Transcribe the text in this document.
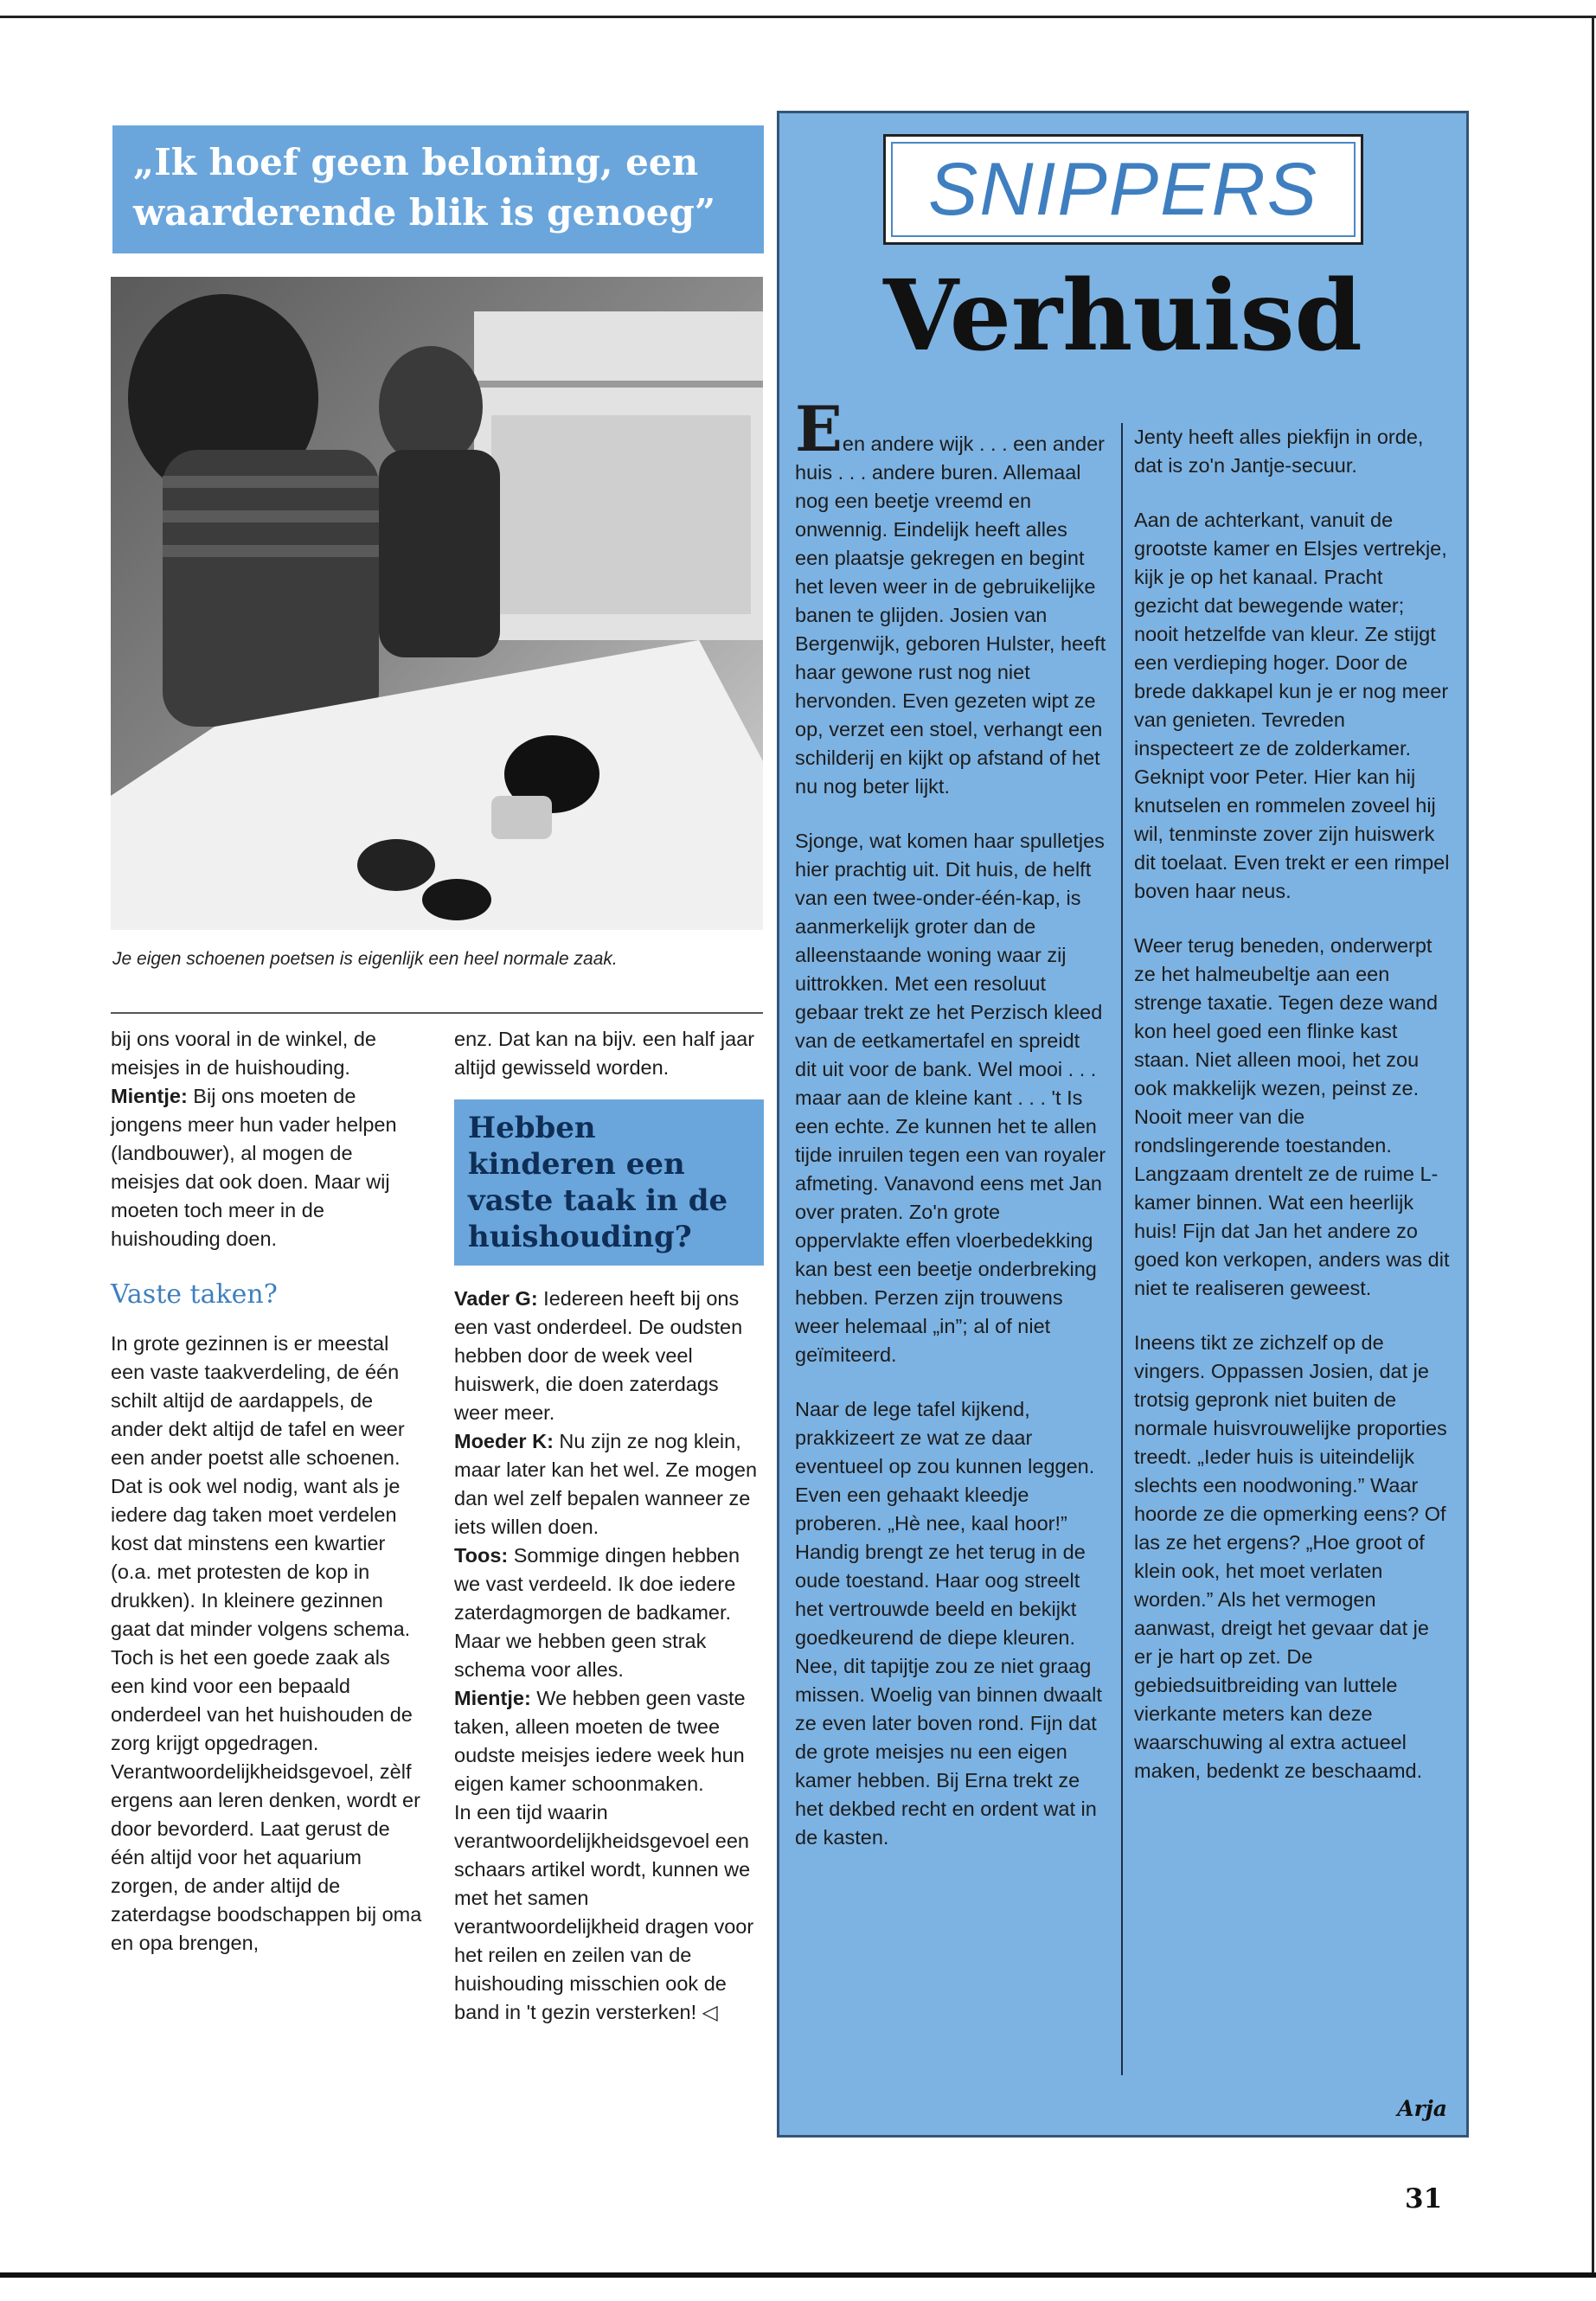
„Ik hoef geen beloning, een waarderende blik is genoeg”
Je eigen schoenen poetsen is eigenlijk een heel normale zaak.

bij ons vooral in de winkel, de meisjes in de huishouding.
Mientje: Bij ons moeten de jongens meer hun vader helpen (landbouwer), al mogen de meisjes dat ook doen. Maar wij moeten toch meer in de huishouding doen.

Vaste taken?

In grote gezinnen is er meestal een vaste taakverdeling, de één schilt altijd de aardappels, de ander dekt altijd de tafel en weer een ander poetst alle schoenen. Dat is ook wel nodig, want als je iedere dag taken moet verdelen kost dat minstens een kwartier (o.a. met protesten de kop in drukken). In kleinere gezinnen gaat dat minder volgens schema. Toch is het een goede zaak als een kind voor een bepaald onderdeel van het huishouden de zorg krijgt opgedragen. Verantwoordelijkheidsgevoel, zèlf ergens aan leren denken, wordt er door bevorderd. Laat gerust de één altijd voor het aquarium zorgen, de ander altijd de zaterdagse boodschappen bij oma en opa brengen,

enz. Dat kan na bijv. een half jaar altijd gewisseld worden.

Hebben kinderen een vaste taak in de huishouding?

Vader G: Iedereen heeft bij ons een vast onderdeel. De oudsten hebben door de week veel huiswerk, die doen zaterdags weer meer.
Moeder K: Nu zijn ze nog klein, maar later kan het wel. Ze mogen dan wel zelf bepalen wanneer ze iets willen doen.
Toos: Sommige dingen hebben we vast verdeeld. Ik doe iedere zaterdagmorgen de badkamer. Maar we hebben geen strak schema voor alles.
Mientje: We hebben geen vaste taken, alleen moeten de twee oudste meisjes iedere week hun eigen kamer schoonmaken.
In een tijd waarin verantwoordelijkheidsgevoel een schaars artikel wordt, kunnen we met het samen verantwoordelijkheid dragen voor het reilen en zeilen van de huishouding misschien ook de band in 't gezin versterken! ◁

SNIPPERS
Verhuisd

Een andere wijk . . . een ander huis . . . andere buren. Allemaal nog een beetje vreemd en onwennig. Eindelijk heeft alles een plaatsje gekregen en begint het leven weer in de gebruikelijke banen te glijden. Josien van Bergenwijk, geboren Hulster, heeft haar gewone rust nog niet hervonden. Even gezeten wipt ze op, verzet een stoel, verhangt een schilderij en kijkt op afstand of het nu nog beter lijkt.

Sjonge, wat komen haar spulletjes hier prachtig uit. Dit huis, de helft van een twee-onder-één-kap, is aanmerkelijk groter dan de alleenstaande woning waar zij uittrokken. Met een resoluut gebaar trekt ze het Perzisch kleed van de eetkamertafel en spreidt dit uit voor de bank. Wel mooi . . . maar aan de kleine kant . . . 't Is een echte. Ze kunnen het te allen tijde inruilen tegen een van royaler afmeting. Vanavond eens met Jan over praten. Zo'n grote oppervlakte effen vloerbedekking kan best een beetje onderbreking hebben. Perzen zijn trouwens weer helemaal „in”; al of niet geïmiteerd.

Naar de lege tafel kijkend, prakkizeert ze wat ze daar eventueel op zou kunnen leggen. Even een gehaakt kleedje proberen. „Hè nee, kaal hoor!” Handig brengt ze het terug in de oude toestand. Haar oog streelt het vertrouwde beeld en bekijkt goedkeurend de diepe kleuren. Nee, dit tapijtje zou ze niet graag missen. Woelig van binnen dwaalt ze even later boven rond. Fijn dat de grote meisjes nu een eigen kamer hebben. Bij Erna trekt ze het dekbed recht en ordent wat in de kasten.

Jenty heeft alles piekfijn in orde, dat is zo'n Jantje-secuur.

Aan de achterkant, vanuit de grootste kamer en Elsjes vertrekje, kijk je op het kanaal. Pracht gezicht dat bewegende water; nooit hetzelfde van kleur. Ze stijgt een verdieping hoger. Door de brede dakkapel kun je er nog meer van genieten. Tevreden inspecteert ze de zolderkamer. Geknipt voor Peter. Hier kan hij knutselen en rommelen zoveel hij wil, tenminste zover zijn huiswerk dit toelaat. Even trekt er een rimpel boven haar neus.

Weer terug beneden, onderwerpt ze het halmeubeltje aan een strenge taxatie. Tegen deze wand kon heel goed een flinke kast staan. Niet alleen mooi, het zou ook makkelijk wezen, peinst ze. Nooit meer van die rondslingerende toestanden. Langzaam drentelt ze de ruime L-kamer binnen. Wat een heerlijk huis! Fijn dat Jan het andere zo goed kon verkopen, anders was dit niet te realiseren geweest.

Ineens tikt ze zichzelf op de vingers. Oppassen Josien, dat je trotsig gepronk niet buiten de normale huisvrouwelijke proporties treedt. „Ieder huis is uiteindelijk slechts een noodwoning.” Waar hoorde ze die opmerking eens? Of las ze het ergens? „Hoe groot of klein ook, het moet verlaten worden.” Als het vermogen aanwast, dreigt het gevaar dat je er je hart op zet. De gebiedsuitbreiding van luttele vierkante meters kan deze waarschuwing al extra actueel maken, bedenkt ze beschaamd.

Arja
31
